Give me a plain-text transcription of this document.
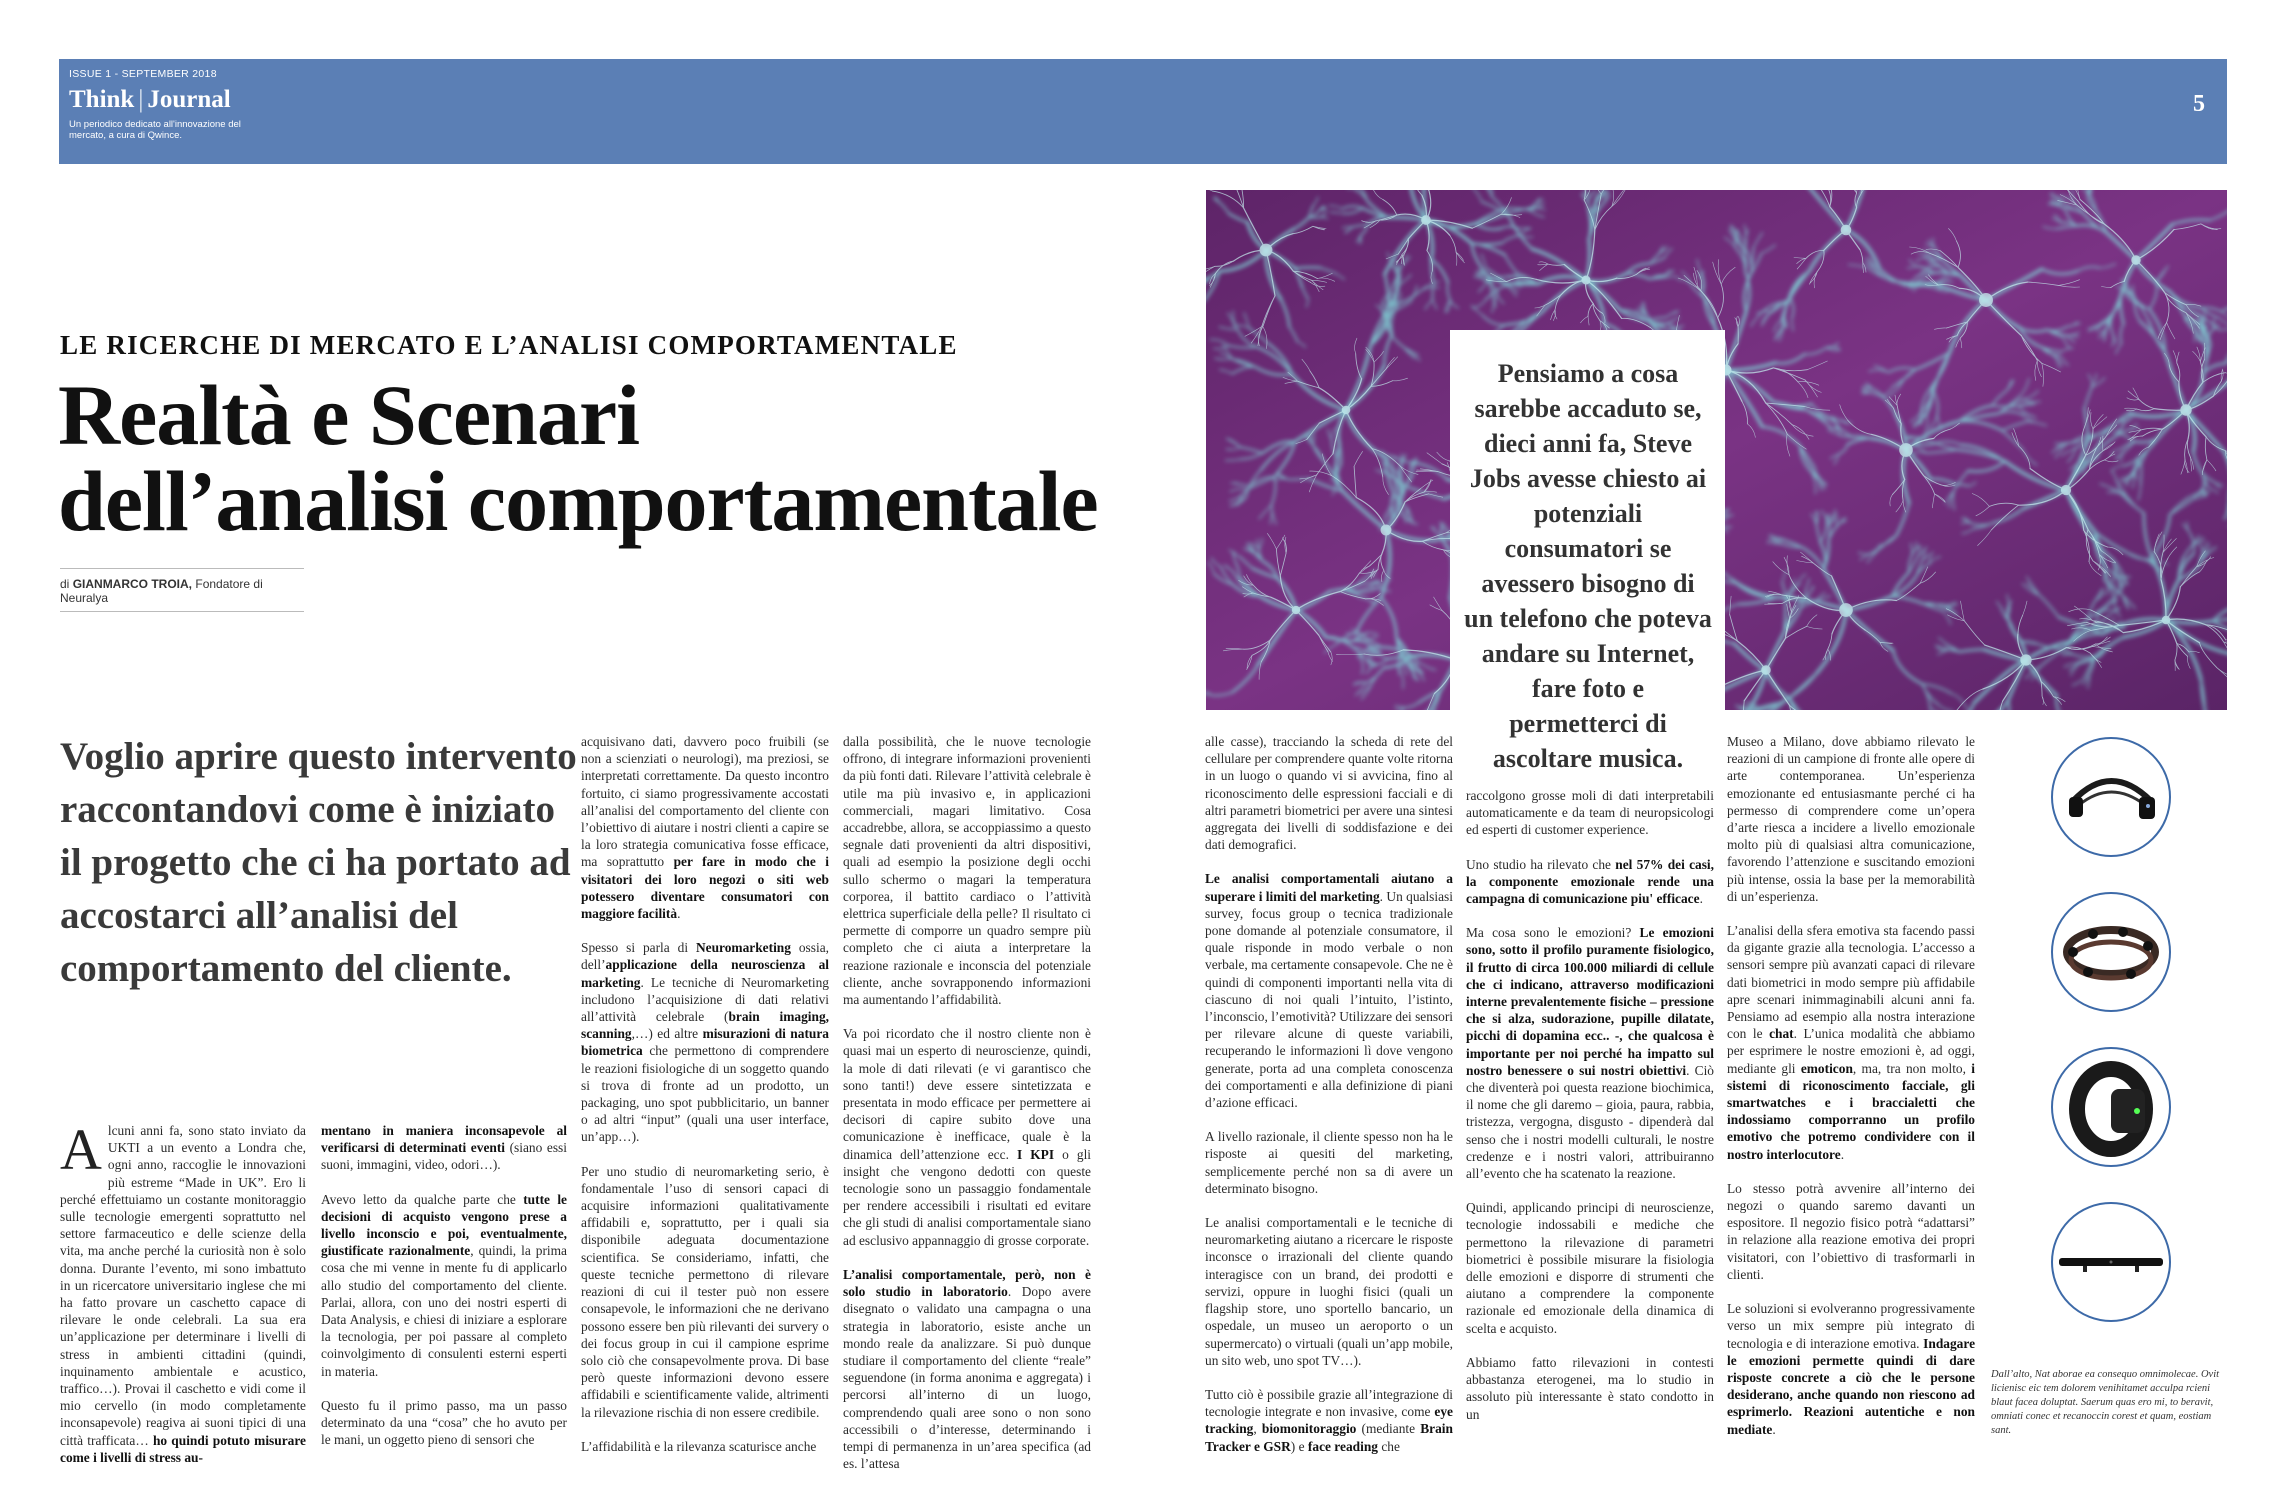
ISSUE 1 - SEPTEMBER 2018
Think | Journal
Un periodico dedicato all'innovazione del mercato, a cura di Qwince.
5
LE RICERCHE DI MERCATO E L’ANALISI COMPORTAMENTALE
Realtà e Scenari
dell’analisi comportamentale
di GIANMARCO TROIA, Fondatore di Neuralya
Voglio aprire questo intervento raccontandovi come è iniziato il progetto che ci ha portato ad accostarci all’analisi del comportamento del cliente.

Alcuni anni fa, sono stato inviato da UKTI a un evento a Londra che, ogni anno, raccoglie le innovazioni più estreme “Made in UK”. Ero li perché effettuiamo un costante monitoraggio sulle tecnologie emergenti soprattutto nel settore farmaceutico e delle scienze della vita, ma anche perché la curiosità non è solo donna. Durante l’evento, mi sono imbattuto in un ricercatore universitario inglese che mi ha fatto provare un caschetto capace di rilevare le onde celebrali. La sua era un’applicazione per determinare i livelli di stress in ambienti cittadini (quindi, inquinamento ambientale e acustico, traffico…). Provai il caschetto e vidi come il mio cervello (in modo completamente inconsapevole) reagiva ai suoni tipici di una città trafficata… ho quindi potuto misurare come i livelli di stress au-

mentano in maniera inconsapevole al verificarsi di determinati eventi (siano essi suoni, immagini, video, odori…).

Avevo letto da qualche parte che tutte le decisioni di acquisto vengono prese a livello inconscio e poi, eventualmente, giustificate razionalmente, quindi, la prima cosa che mi venne in mente fu di applicarlo allo studio del comportamento del cliente. Parlai, allora, con uno dei nostri esperti di Data Analysis, e chiesi di iniziare a esplorare la tecnologia, per poi passare al completo coinvolgimento di consulenti esterni esperti in materia.

Questo fu il primo passo, ma un passo determinato da una “cosa” che ho avuto per le mani, un oggetto pieno di sensori che

acquisivano dati, davvero poco fruibili (se non a scienziati o neurologi), ma preziosi, se interpretati correttamente. Da questo incontro fortuito, ci siamo progressivamente accostati all’analisi del comportamento del cliente con l’obiettivo di aiutare i nostri clienti a capire se la loro strategia comunicativa fosse efficace, ma soprattutto per fare in modo che i visitatori dei loro negozi o siti web potessero diventare consumatori con maggiore facilità.

Spesso si parla di Neuromarketing ossia, dell’applicazione della neuroscienza al marketing. Le tecniche di Neuromarketing includono l’acquisizione di dati relativi all’attività celebrale (brain imaging, scanning,…) ed altre misurazioni di natura biometrica che permettono di comprendere le reazioni fisiologiche di un soggetto quando si trova di fronte ad un prodotto, un packaging, uno spot pubblicitario, un banner o ad altri “input” (quali una user interface, un’app…).

Per uno studio di neuromarketing serio, è fondamentale l’uso di sensori capaci di acquisire informazioni qualitativamente affidabili e, soprattutto, per i quali sia disponibile adeguata documentazione scientifica. Se consideriamo, infatti, che queste tecniche permettono di rilevare reazioni di cui il tester può non essere consapevole, le informazioni che ne derivano possono essere ben più rilevanti dei survery o dei focus group in cui il campione esprime solo ciò che consapevolmente prova. Di base però queste informazioni devono essere affidabili e scientificamente valide, altrimenti la rilevazione rischia di non essere credibile.

L’affidabilità e la rilevanza scaturisce anche

dalla possibilità, che le nuove tecnologie offrono, di integrare informazioni provenienti da più fonti dati. Rilevare l’attività celebrale è utile ma più invasivo e, in applicazioni commerciali, magari limitativo. Cosa accadrebbe, allora, se accoppiassimo a questo segnale dati provenienti da altri dispositivi, quali ad esempio la posizione degli occhi sullo schermo o magari la temperatura corporea, il battito cardiaco o l’attività elettrica superficiale della pelle? Il risultato ci permette di comporre un quadro sempre più completo che ci aiuta a interpretare la reazione razionale e inconscia del potenziale cliente, anche sovrapponendo informazioni ma aumentando l’affidabilità.

Va poi ricordato che il nostro cliente non è quasi mai un esperto di neuroscienze, quindi, la mole di dati rilevati (e vi garantisco che sono tanti!) deve essere sintetizzata e presentata in modo efficace per permettere ai decisori di capire subito dove una comunicazione è inefficace, quale è la dinamica dell’attenzione ecc. I KPI o gli insight che vengono dedotti con queste tecnologie sono un passaggio fondamentale per rendere accessibili i risultati ed evitare che gli studi di analisi comportamentale siano ad esclusivo appannaggio di grosse corporate.

L’analisi comportamentale, però, non è solo studio in laboratorio. Dopo avere disegnato o validato una campagna o una strategia in laboratorio, esiste anche un mondo reale da analizzare. Si può dunque studiare il comportamento del cliente “reale” seguendone (in forma anonima e aggregata) i percorsi all’interno di un luogo, comprendendo quali aree sono o non sono accessibili o d’interesse, determinando i tempi di permanenza in un’area specifica (ad es. l’attesa

Pensiamo a cosa sarebbe accaduto se, dieci anni fa, Steve Jobs avesse chiesto ai potenziali consumatori se avessero bisogno di un telefono che poteva andare su Internet, fare foto e permetterci di ascoltare musica.

alle casse), tracciando la scheda di rete del cellulare per comprendere quante volte ritorna in un luogo o quando vi si avvicina, fino al riconoscimento delle espressioni facciali e di altri parametri biometrici per avere una sintesi aggregata dei livelli di soddisfazione e dei dati demografici.

Le analisi comportamentali aiutano a superare i limiti del marketing. Un qualsiasi survey, focus group o tecnica tradizionale pone domande al potenziale consumatore, il quale risponde in modo verbale o non verbale, ma certamente consapevole. Che ne è quindi di componenti importanti nella vita di ciascuno di noi quali l’intuito, l’istinto, l’inconscio, l’emotività? Utilizzare dei sensori per rilevare alcune di queste variabili, recuperando le informazioni lì dove vengono generate, porta ad una completa conoscenza dei comportamenti e alla definizione di piani d’azione efficaci.

A livello razionale, il cliente spesso non ha le risposte ai quesiti del marketing, semplicemente perché non sa di avere un determinato bisogno.

Le analisi comportamentali e le tecniche di neuromarketing aiutano a ricercare le risposte inconsce o irrazionali del cliente quando interagisce con un brand, dei prodotti e servizi, oppure in luoghi fisici (quali un flagship store, uno sportello bancario, un ospedale, un museo un aeroporto o un supermercato) o virtuali (quali un’app mobile, un sito web, uno spot TV…).

Tutto ciò è possibile grazie all’integrazione di tecnologie integrate e non invasive, come eye tracking, biomonitoraggio (mediante Brain Tracker e GSR) e face reading che

raccolgono grosse moli di dati interpretabili automaticamente e da team di neuropsicologi ed esperti di customer experience.

Uno studio ha rilevato che nel 57% dei casi, la componente emozionale rende una campagna di comunicazione piu' efficace.

Ma cosa sono le emozioni? Le emozioni sono, sotto il profilo puramente fisiologico, il frutto di circa 100.000 miliardi di cellule che ci indicano, attraverso modificazioni interne prevalentemente fisiche – pressione che si alza, sudorazione, pupille dilatate, picchi di dopamina ecc.. -, che qualcosa è importante per noi perché ha impatto sul nostro benessere o sui nostri obiettivi. Ciò che diventerà poi questa reazione biochimica, il nome che gli daremo – gioia, paura, rabbia, tristezza, vergogna, disgusto - dipenderà dal senso che i nostri modelli culturali, le nostre credenze e i nostri valori, attribuiranno all’evento che ha scatenato la reazione.

Quindi, applicando principi di neuroscienze, tecnologie indossabili e mediche che permettono la rilevazione di parametri biometrici è possibile misurare la fisiologia delle emozioni e disporre di strumenti che aiutano a comprendere la componente razionale ed emozionale della dinamica di scelta e acquisto.

Abbiamo fatto rilevazioni in contesti abbastanza eterogenei, ma lo studio in assoluto più interessante è stato condotto in un

Museo a Milano, dove abbiamo rilevato le reazioni di un campione di fronte alle opere di arte contemporanea. Un’esperienza emozionante ed entusiasmante perché ci ha permesso di comprendere come un’opera d’arte riesca a incidere a livello emozionale molto più di qualsiasi altra comunicazione, favorendo l’attenzione e suscitando emozioni più intense, ossia la base per la memorabilità di un’esperienza.

L’analisi della sfera emotiva sta facendo passi da gigante grazie alla tecnologia. L’accesso a sensori sempre più avanzati capaci di rilevare dati biometrici in modo sempre più affidabile apre scenari inimmaginabili alcuni anni fa. Pensiamo ad esempio alla nostra interazione con le chat. L’unica modalità che abbiamo per esprimere le nostre emozioni è, ad oggi, mediante gli emoticon, ma, tra non molto, i sistemi di riconoscimento facciale, gli smartwatches e i braccialetti che indossiamo comporranno un profilo emotivo che potremo condividere con il nostro interlocutore.

Lo stesso potrà avvenire all’interno dei negozi o quando saremo davanti un espositore. Il negozio fisico potrà “adattarsi” in relazione alla reazione emotiva dei propri visitatori, con l’obiettivo di trasformarli in clienti.

Le soluzioni si evolveranno progressivamente verso un mix sempre più integrato di tecnologia e di interazione emotiva. Indagare le emozioni permette quindi di dare risposte concrete a ciò che le persone desiderano, anche quando non riescono ad esprimerlo. Reazioni autentiche e non mediate.

Dall’alto, Nat aborae ea consequo omnimolecae. Ovit licienisc eic tem dolorem venihitamet acculpa rcieni blaut facea doluptat. Saerum quas ero mi, to beravit, omniati conec et recanoccin corest et quam, eostiam sant.
